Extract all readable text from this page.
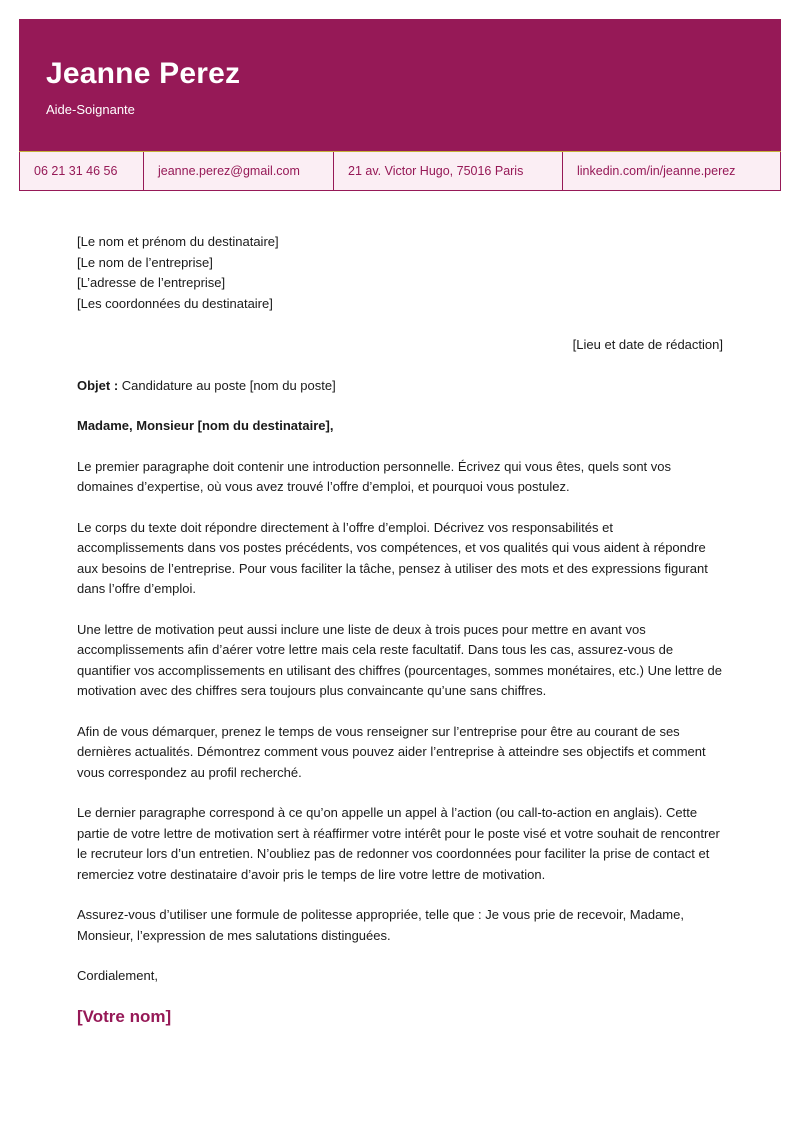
Jeanne Perez
Aide-Soignante
06 21 31 46 56	jeanne.perez@gmail.com	21 av. Victor Hugo, 75016 Paris	linkedin.com/in/jeanne.perez
[Le nom et prénom du destinataire]
[Le nom de l’entreprise]
[L’adresse de l’entreprise]
[Les coordonnées du destinataire]
[Lieu et date de rédaction]
Objet : Candidature au poste [nom du poste]
Madame, Monsieur [nom du destinataire],
Le premier paragraphe doit contenir une introduction personnelle. Écrivez qui vous êtes, quels sont vos domaines d’expertise, où vous avez trouvé l’offre d’emploi, et pourquoi vous postulez.
Le corps du texte doit répondre directement à l’offre d’emploi. Décrivez vos responsabilités et accomplissements dans vos postes précédents, vos compétences, et vos qualités qui vous aident à répondre aux besoins de l’entreprise. Pour vous faciliter la tâche, pensez à utiliser des mots et des expressions figurant dans l’offre d’emploi.
Une lettre de motivation peut aussi inclure une liste de deux à trois puces pour mettre en avant vos accomplissements afin d’aérer votre lettre mais cela reste facultatif. Dans tous les cas, assurez-vous de quantifier vos accomplissements en utilisant des chiffres (pourcentages, sommes monétaires, etc.) Une lettre de motivation avec des chiffres sera toujours plus convaincante qu’une sans chiffres.
Afin de vous démarquer, prenez le temps de vous renseigner sur l’entreprise pour être au courant de ses dernières actualités. Démontrez comment vous pouvez aider l’entreprise à atteindre ses objectifs et comment vous correspondez au profil recherché.
Le dernier paragraphe correspond à ce qu’on appelle un appel à l’action (ou call-to-action en anglais). Cette partie de votre lettre de motivation sert à réaffirmer votre intérêt pour le poste visé et votre souhait de rencontrer le recruteur lors d’un entretien. N’oubliez pas de redonner vos coordonnées pour faciliter la prise de contact et remerciez votre destinataire d’avoir pris le temps de lire votre lettre de motivation.
Assurez-vous d’utiliser une formule de politesse appropriée, telle que : Je vous prie de recevoir, Madame, Monsieur, l’expression de mes salutations distinguées.
Cordialement,
[Votre nom]
